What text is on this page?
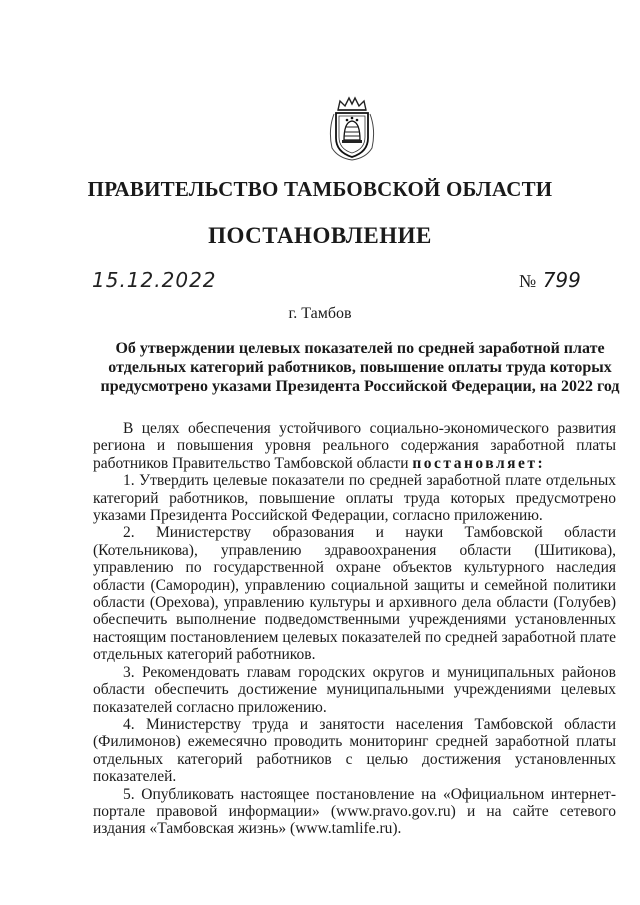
ПРАВИТЕЛЬСТВО ТАМБОВСКОЙ ОБЛАСТИ
ПОСТАНОВЛЕНИЕ
15.12.2022	№ 799
г. Тамбов
Об утверждении целевых показателей по средней заработной плате
отдельных категорий работников, повышение оплаты труда которых
предусмотрено указами Президента Российской Федерации, на 2022 год

В целях обеспечения устойчивого социально-экономического развития региона и повышения уровня реального содержания заработной платы работников Правительство Тамбовской области постановляет:

1. Утвердить целевые показатели по средней заработной плате отдельных категорий работников, повышение оплаты труда которых предусмотрено указами Президента Российской Федерации, согласно приложению.

2. Министерству образования и науки Тамбовской области (Котельникова), управлению здравоохранения области (Шитикова), управлению по государственной охране объектов культурного наследия области (Самородин), управлению социальной защиты и семейной политики области (Орехова), управлению культуры и архивного дела области (Голубев) обеспечить выполнение подведомственными учреждениями установленных настоящим постановлением целевых показателей по средней заработной плате отдельных категорий работников.

3. Рекомендовать главам городских округов и муниципальных районов области обеспечить достижение муниципальными учреждениями целевых показателей согласно приложению.

4. Министерству труда и занятости населения Тамбовской области (Филимонов) ежемесячно проводить мониторинг средней заработной платы отдельных категорий работников с целью достижения установленных показателей.

5. Опубликовать настоящее постановление на «Официальном интернет-портале правовой информации» (www.pravo.gov.ru) и на сайте сетевого издания «Тамбовская жизнь» (www.tamlife.ru).
